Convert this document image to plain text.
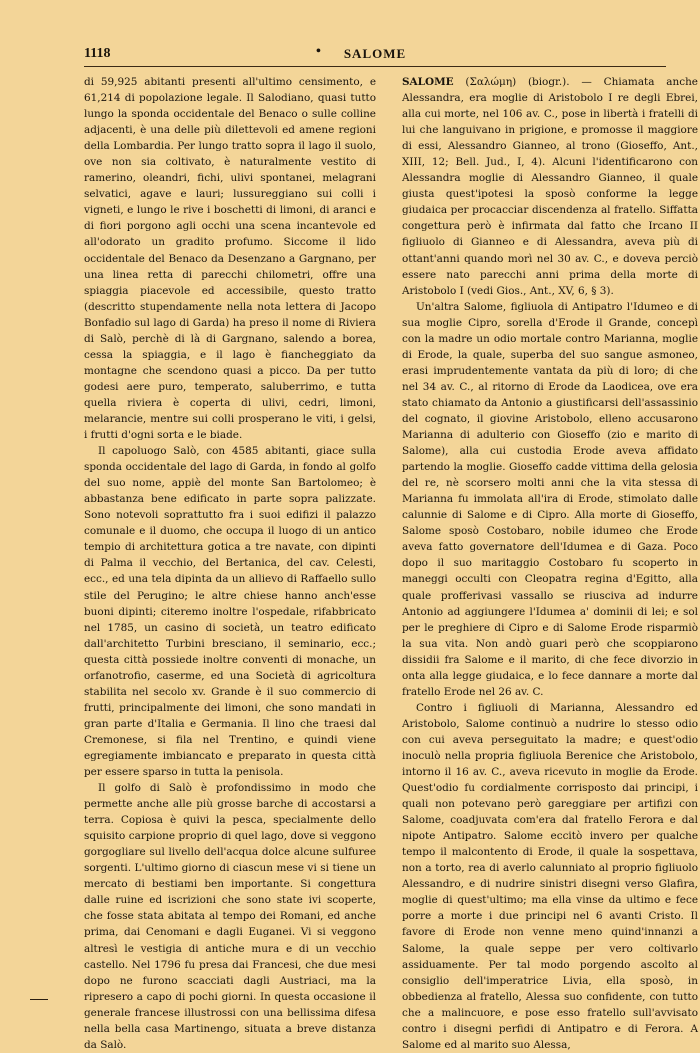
1118	•	SALOME

di 59,925 abitanti presenti all'ultimo censimento, e 61,214 di popolazione legale. Il Salodiano, quasi tutto lungo la sponda occidentale del Benaco o sulle colline adjacenti, è una delle più dilettevoli ed amene regioni della Lombardia. Per lungo tratto sopra il lago il suolo, ove non sia coltivato, è naturalmente vestito di ramerino, oleandri, fichi, ulivi spontanei, melagrani selvatici, agave e lauri; lussureggiano sui colli i vigneti, e lungo le rive i boschetti di limoni, di aranci e di fiori porgono agli occhi una scena incantevole ed all'odorato un gradito profumo. Siccome il lido occidentale del Benaco da Desenzano a Gargnano, per una linea retta di parecchi chilometri, offre una spiaggia piacevole ed accessibile, questo tratto (descritto stupendamente nella nota lettera di Jacopo Bonfadio sul lago di Garda) ha preso il nome di Riviera di Salò, perchè di là di Gargnano, salendo a borea, cessa la spiaggia, e il lago è fiancheggiato da montagne che scendono quasi a picco. Da per tutto godesi aere puro, temperato, saluberrimo, e tutta quella riviera è coperta di ulivi, cedri, limoni, melarancie, mentre sui colli prosperano le viti, i gelsi, i frutti d'ogni sorta e le biade.

Il capoluogo Salò, con 4585 abitanti, giace sulla sponda occidentale del lago di Garda, in fondo al golfo del suo nome, appiè del monte San Bartolomeo; è abbastanza bene edificato in parte sopra palizzate. Sono notevoli soprattutto fra i suoi edifizi il palazzo comunale e il duomo, che occupa il luogo di un antico tempio di architettura gotica a tre navate, con dipinti di Palma il vecchio, del Bertanica, del cav. Celesti, ecc., ed una tela dipinta da un allievo di Raffaello sullo stile del Perugino; le altre chiese hanno anch'esse buoni dipinti; citeremo inoltre l'ospedale, rifabbricato nel 1785, un casino di società, un teatro edificato dall'architetto Turbini bresciano, il seminario, ecc.; questa città possiede inoltre conventi di monache, un orfanotrofio, caserme, ed una Società di agricoltura stabilita nel secolo xv. Grande è il suo commercio di frutti, principalmente dei limoni, che sono mandati in gran parte d'Italia e Germania. Il lino che traesi dal Cremonese, si fila nel Trentino, e quindi viene egregiamente imbiancato e preparato in questa città per essere sparso in tutta la penisola.

Il golfo di Salò è profondissimo in modo che permette anche alle più grosse barche di accostarsi a terra. Copiosa è quivi la pesca, specialmente dello squisito carpione proprio di quel lago, dove si veggono gorgogliare sul livello dell'acqua dolce alcune sulfuree sorgenti. L'ultimo giorno di ciascun mese vi si tiene un mercato di bestiami ben importante. Si congettura dalle ruine ed iscrizioni che sono state ivi scoperte, che fosse stata abitata al tempo dei Romani, ed anche prima, dai Cenomani e dagli Euganei. Vi si veggono altresì le vestigia di antiche mura e di un vecchio castello. Nel 1796 fu presa dai Francesi, che due mesi dopo ne furono scacciati dagli Austriaci, ma la ripresero a capo di pochi giorni. In questa occasione il generale francese illustrossi con una bellissima difesa nella bella casa Martinengo, situata a breve distanza da Salò.

SALOME (Σαλώμη) (biogr.). — Chiamata anche Alessandra, era moglie di Aristobolo I re degli Ebrei, alla cui morte, nel 106 av. C., pose in libertà i fratelli di lui che languivano in prigione, e promosse il maggiore di essi, Alessandro Gianneo, al trono (Gioseffo, Ant., XIII, 12; Bell. Jud., I, 4). Alcuni l'identificarono con Alessandra moglie di Alessandro Gianneo, il quale giusta quest'ipotesi la sposò conforme la legge giudaica per procacciar discendenza al fratello. Siffatta congettura però è infirmata dal fatto che Ircano II figliuolo di Gianneo e di Alessandra, aveva più di ottant'anni quando morì nel 30 av. C., e doveva perciò essere nato parecchi anni prima della morte di Aristobolo I (vedi Gios., Ant., XV, 6, § 3).

Un'altra Salome, figliuola di Antipatro l'Idumeo e di sua moglie Cipro, sorella d'Erode il Grande, concepì con la madre un odio mortale contro Marianna, moglie di Erode, la quale, superba del suo sangue asmoneo, erasi imprudentemente vantata da più di loro; di che nel 34 av. C., al ritorno di Erode da Laodicea, ove era stato chiamato da Antonio a giustificarsi dell'assassinio del cognato, il giovine Aristobolo, elleno accusarono Marianna di adulterio con Gioseffo (zio e marito di Salome), alla cui custodia Erode aveva affidato partendo la moglie. Gioseffo cadde vittima della gelosia del re, nè scorsero molti anni che la vita stessa di Marianna fu immolata all'ira di Erode, stimolato dalle calunnie di Salome e di Cipro. Alla morte di Gioseffo, Salome sposò Costobaro, nobile idumeo che Erode aveva fatto governatore dell'Idumea e di Gaza. Poco dopo il suo maritaggio Costobaro fu scoperto in maneggi occulti con Cleopatra regina d'Egitto, alla quale profferivasi vassallo se riusciva ad indurre Antonio ad aggiungere l'Idumea a' dominii di lei; e sol per le preghiere di Cipro e di Salome Erode risparmiò la sua vita. Non andò guari però che scoppiarono dissidii fra Salome e il marito, di che fece divorzio in onta alla legge giudaica, e lo fece dannare a morte dal fratello Erode nel 26 av. C.

Contro i figliuoli di Marianna, Alessandro ed Aristobolo, Salome continuò a nudrire lo stesso odio con cui aveva perseguitato la madre; e quest'odio inoculò nella propria figliuola Berenice che Aristobolo, intorno il 16 av. C., aveva ricevuto in moglie da Erode. Quest'odio fu cordialmente corrisposto dai principi, i quali non potevano però gareggiare per artifizi con Salome, coadjuvata com'era dal fratello Ferora e dal nipote Antipatro. Salome eccitò invero per qualche tempo il malcontento di Erode, il quale la sospettava, non a torto, rea di averlo calunniato al proprio figliuolo Alessandro, e di nudrire sinistri disegni verso Glafira, moglie di quest'ultimo; ma ella vinse da ultimo e fece porre a morte i due principi nel 6 avanti Cristo. Il favore di Erode non venne meno quind'innanzi a Salome, la quale seppe per vero coltivarlo assiduamente. Per tal modo porgendo ascolto al consiglio dell'imperatrice Livia, ella sposò, in obbedienza al fratello, Alessa suo confidente, con tutto che a malincuore, e pose esso fratello sull'avvisato contro i disegni perfidi di Antipatro e di Ferora. A Salome ed al marito suo Alessa,
